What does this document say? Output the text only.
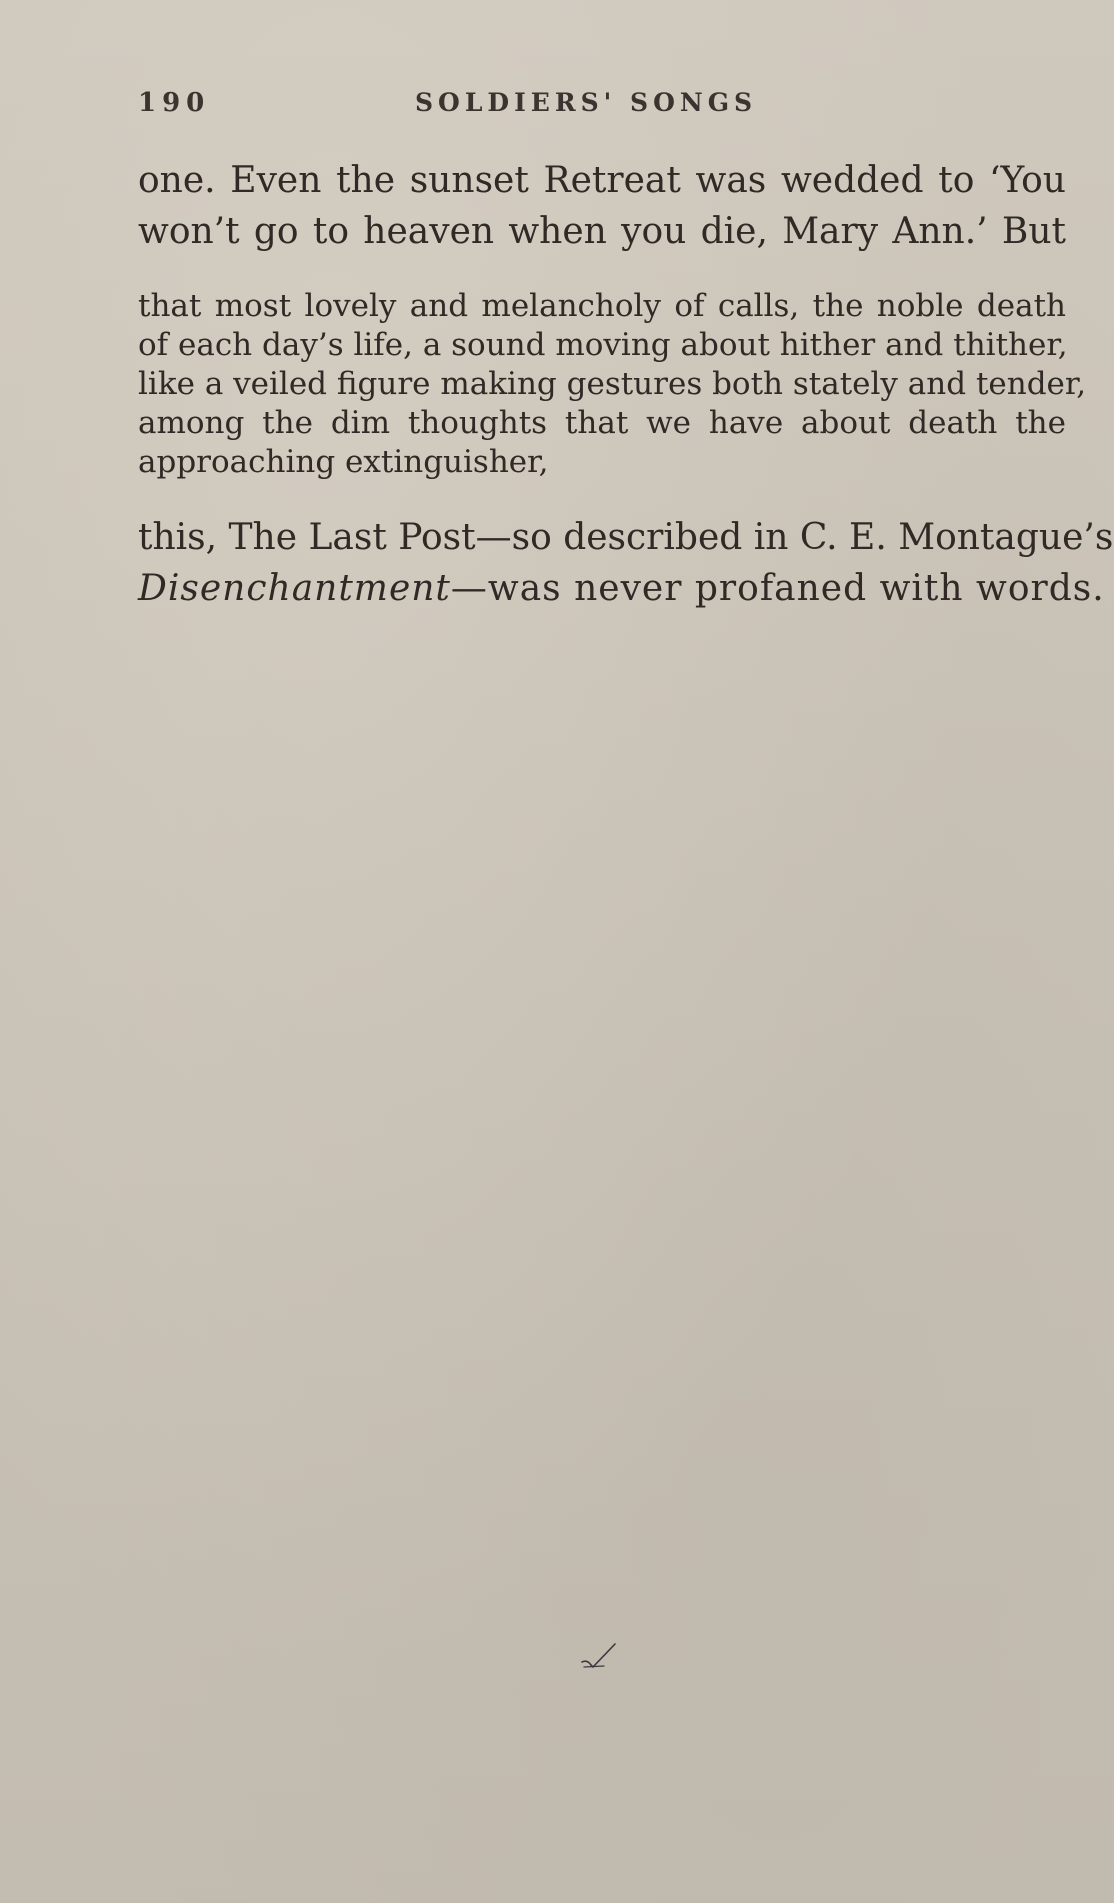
190	SOLDIERS' SONGS

one. Even the sunset Retreat was wedded to ‘You
won’t go to heaven when you die, Mary Ann.’ But

that most lovely and melancholy of calls, the noble death
of each day’s life, a sound moving about hither and thither,
like a veiled figure making gestures both stately and tender,
among the dim thoughts that we have about death the
approaching extinguisher,

this, The Last Post—so described in C. E. Montague’s
Disenchantment—was never profaned with words.
